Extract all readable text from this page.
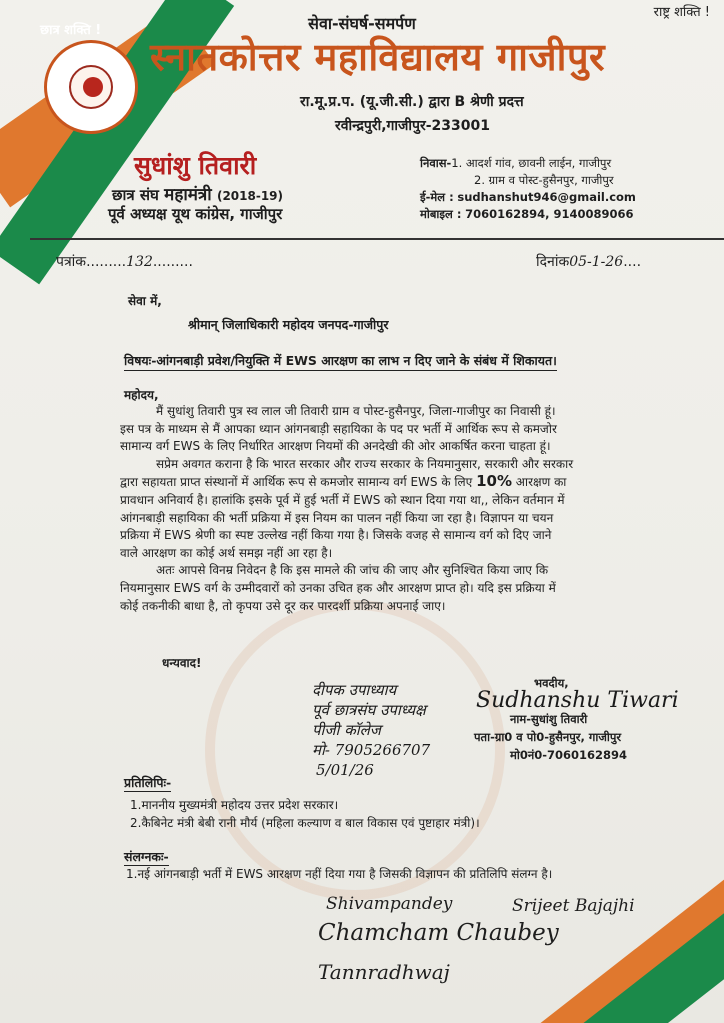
छात्र शक्ति !
राष्ट्र शक्ति !
सेवा-संघर्ष-समर्पण
स्नातकोत्तर महाविद्यालय गाजीपुर
रा.मू.प्र.प. (यू.जी.सी.) द्वारा B श्रेणी प्रदत्त
रवीन्द्रपुरी,गाजीपुर-233001
सुधांशु तिवारी
छात्र संघ महामंत्री (2018-19)
पूर्व अध्यक्ष यूथ कांग्रेस, गाजीपुर
निवास-1. आदर्श गांव, छावनी लाईन, गाजीपुर
2. ग्राम व पोस्ट-हुसैनपुर, गाजीपुर
ई-मेल : sudhanshut946@gmail.com
मोबाइल : 7060162894, 9140089066
पत्रांक.........132.........	दिनांक05-1-26....
सेवा में,
श्रीमान् जिलाधिकारी महोदय जनपद-गाजीपुर
विषयः-आंगनबाड़ी प्रवेश/नियुक्ति में EWS आरक्षण का लाभ न दिए जाने के संबंध में शिकायत।
महोदय,
मैं सुधांशु तिवारी पुत्र स्व लाल जी तिवारी ग्राम व पोस्ट-हुसैनपुर, जिला-गाजीपुर का निवासी हूं।
इस पत्र के माध्यम से मैं आपका ध्यान आंगनबाड़ी सहायिका के पद पर भर्ती में आर्थिक रूप से कमजोर
सामान्य वर्ग EWS के लिए निर्धारित आरक्षण नियमों की अनदेखी की ओर आकर्षित करना चाहता हूं।
सप्रेम अवगत कराना है कि भारत सरकार और राज्य सरकार के नियमानुसार, सरकारी और सरकार
द्वारा सहायता प्राप्त संस्थानों में आर्थिक रूप से कमजोर सामान्य वर्ग EWS के लिए 10% आरक्षण का
प्रावधान अनिवार्य है। हालांकि इसके पूर्व में हुई भर्ती में EWS को स्थान दिया गया था,, लेकिन वर्तमान में
आंगनबाड़ी सहायिका की भर्ती प्रक्रिया में इस नियम का पालन नहीं किया जा रहा है। विज्ञापन या चयन
प्रक्रिया में EWS श्रेणी का स्पष्ट उल्लेख नहीं किया गया है। जिसके वजह से सामान्य वर्ग को दिए जाने
वाले आरक्षण का कोई अर्थ समझ नहीं आ रहा है।
अतः आपसे विनम्र निवेदन है कि इस मामले की जांच की जाए और सुनिश्चित किया जाए कि
नियमानुसार EWS वर्ग के उम्मीदवारों को उनका उचित हक और आरक्षण प्राप्त हो। यदि इस प्रक्रिया में
कोई तकनीकी बाधा है, तो कृपया उसे दूर कर पारदर्शी प्रक्रिया अपनाई जाए।
धन्यवाद!
भवदीय,
Sudhanshu Tiwari
नाम-सुधांशु तिवारी
पता-ग्रा0 व पो0-हुसैनपुर, गाजीपुर
मो0नं0-7060162894
दीपक उपाध्याय
पूर्व छात्रसंघ उपाध्यक्ष
पीजी कॉलेज
मो- 7905266707
5/01/26
प्रतिलिपिः-
1.माननीय मुख्यमंत्री महोदय उत्तर प्रदेश सरकार।
2.कैबिनेट मंत्री बेबी रानी मौर्य (महिला कल्याण व बाल विकास एवं पुष्टाहार मंत्री)।
संलग्नकः-
1.नई आंगनबाड़ी भर्ती में EWS आरक्षण नहीं दिया गया है जिसकी विज्ञापन की प्रतिलिपि संलग्न है।
Shivampandey	Srijeet Bajajhi
Chamcham Chaubey
Tannradhwaj
